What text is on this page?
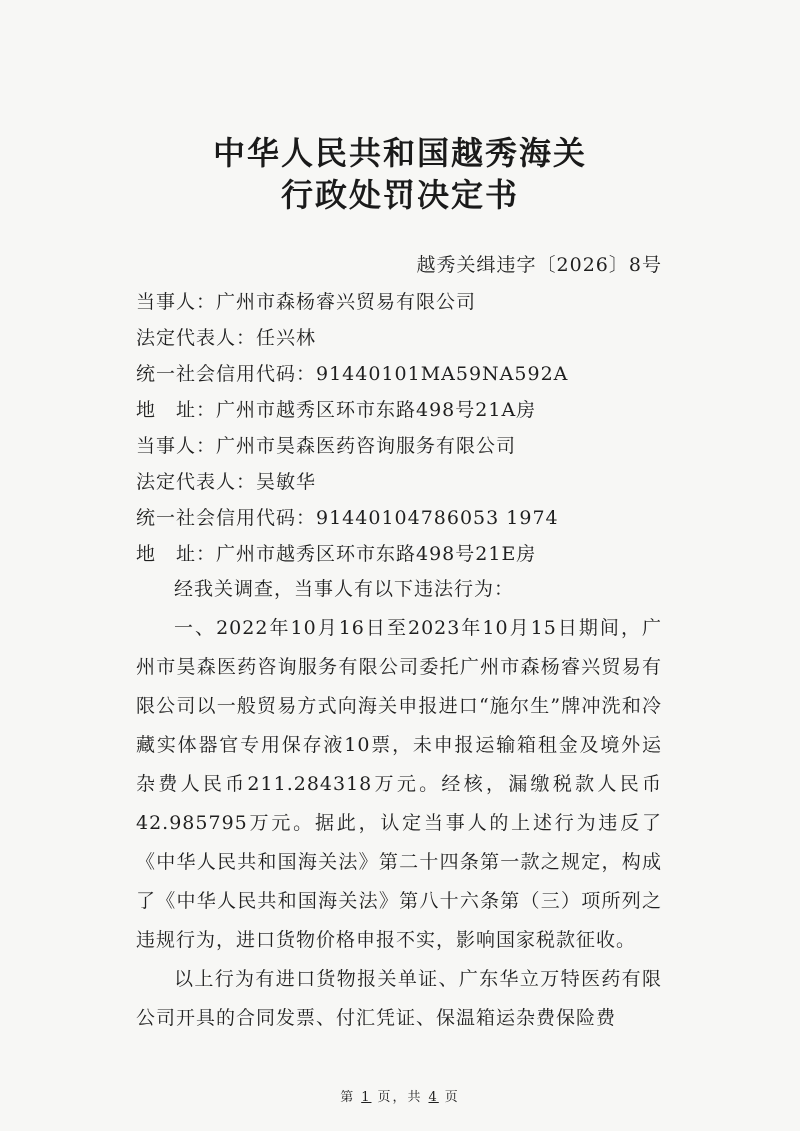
中华人民共和国越秀海关
行政处罚决定书
越秀关缉违字〔2026〕8号
当事人：广州市森杨睿兴贸易有限公司
法定代表人：任兴林
统一社会信用代码：91440101MA59NA592A
地　址：广州市越秀区环市东路498号21A房
当事人：广州市昊森医药咨询服务有限公司
法定代表人：吴敏华
统一社会信用代码：91440104786053 1974
地　址：广州市越秀区环市东路498号21E房

经我关调查，当事人有以下违法行为：

一、2022年10月16日至2023年10月15日期间，广州市昊森医药咨询服务有限公司委托广州市森杨睿兴贸易有限公司以一般贸易方式向海关申报进口“施尔生”牌冲洗和冷藏实体器官专用保存液10票，未申报运输箱租金及境外运杂费人民币211.284318万元。经核，漏缴税款人民币42.985795万元。据此，认定当事人的上述行为违反了《中华人民共和国海关法》第二十四条第一款之规定，构成了《中华人民共和国海关法》第八十六条第（三）项所列之违规行为，进口货物价格申报不实，影响国家税款征收。

以上行为有进口货物报关单证、广东华立万特医药有限公司开具的合同发票、付汇凭证、保温箱运杂费保险费

第 1 页，共 4 页
